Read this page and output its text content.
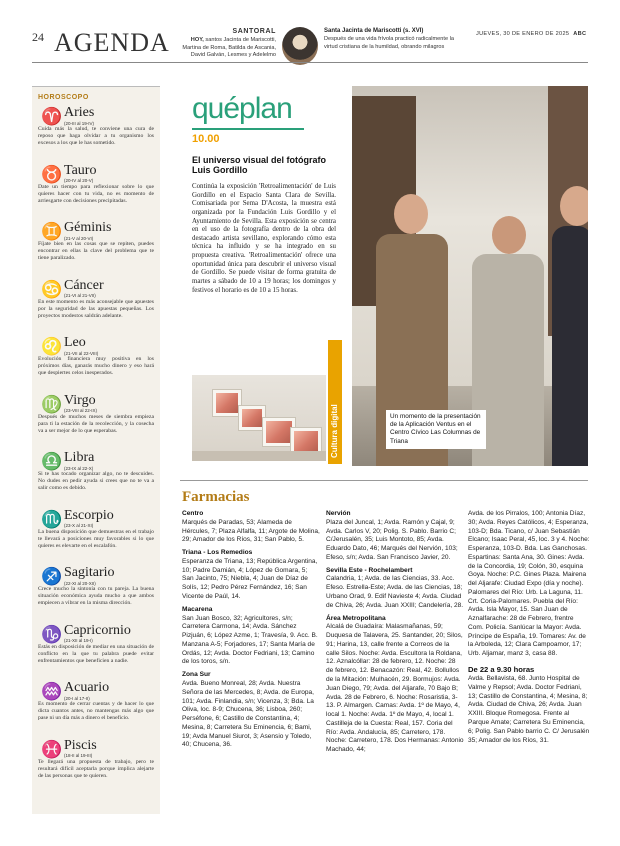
24 AGENDA	SANTORAL

HOY, santos Jacinta de Mariscotti, Martina de Roma, Batilda de Ascania, David Galván, Lesmes y Adelelmo

Santa Jacinta de Mariscotti (s. XVI)

Después de una vida frívola practicó radicalmente la virtud cristiana de la humildad, obrando milagros

JUEVES, 30 DE ENERO DE 2025 ABC
HOROSCOPO
♈ Aries
(20-III al 19-IV)
Cuida más la salud, te conviene una cura de reposo que haga olvidar a tu organismo los excesos a los que le has sometido.
♉ Tauro
(20-IV al 20-V)
Date un tiempo para reflexionar sobre lo que quieres hacer con tu vida, no es momento de arriesgarte con decisiones precipitadas.
♊ Géminis
(21-V al 20-VI)
Fíjate bien en las cosas que se repiten, puedes encontrar en ellas la clave del problema que te tiene paralizado.
♋ Cáncer
(21-VI al 21-VII)
En este momento es más aconsejable que apuestes por la seguridad de las apuestas pequeñas. Los proyectos modestos saldrán adelante.
♌ Leo
(21-VII al 22-VIII)
Evolución financiera muy positiva en los próximos días, ganarás mucho dinero y eso hará que despiertes celos inesperados.
♍ Virgo
(23-VIII al 22-IX)
Después de muchos meses de siembra empieza para ti la estación de la recolección, y la cosecha va a ser mejor de lo que esperabas.
♎ Libra
(23-IX al 22-X)
Si te has tocado organizar algo, no te descuides. No dudes en pedir ayuda si crees que no te va a salir como es debido.
♏ Escorpio
(23-X al 21-XI)
La buena disposición que demuestras en el trabajo te llevará a posiciones muy favorables si lo que quieres es elevarte en el escalafón.
♐ Sagitario
(22-XI al 20-XII)
Crece mucho la sintonía con tu pareja. La buena situación económica ayuda mucho a que ambos empiecen a vibrar en la misma dirección.
♑ Capricornio
(21-XII al 19-I)
Estás en disposición de mediar en una situación de conflicto en la que tu palabra puede evitar enfrentamientos que beneficien a nadie.
♒ Acuario
(20-I al 17-II)
Es momento de cerrar cuentas y de hacer lo que dicta cuantos antes, no mantengas más algo que pase ni un día más a dinero el beneficio.
♓ Piscis
(18-II al 19-III)
Te llegará una propuesta de trabajo, pero te resultará difícil aceptarla porque implica alejarte de las personas que te quieren.
quéplan
10.00
El universo visual del fotógrafo Luis Gordillo
Continúa la exposición 'Retroalimentación' de Luis Gordillo en el Espacio Santa Clara de Sevilla. Comisariada por Sema D'Acosta, la muestra está organizada por la Fundación Luis Gordillo y el Ayuntamiento de Sevilla. Esta exposición se centra en el uso de la fotografía dentro de la obra del destacado artista sevillano, explorando cómo esta técnica ha influido y se ha integrado en su propuesta creativa. 'Retroalimentación' ofrece una oportunidad única para descubrir el universo visual de Gordillo. Se puede visitar de forma gratuita de martes a sábado de 10 a 19 horas; los domingos y festivos el horario es de 10 a 15 horas.
Cultura digital	Un momento de la presentación de la Aplicación Ventus en el Centro Cívico Las Columnas de Triana
Farmacias
Centro
Marqués de Paradas, 53; Alameda de Hércules, 7; Plaza Alfalfa, 11; Argote de Molina, 29; Amador de los Ríos, 31; San Pablo, 5.
Triana - Los Remedios
Esperanza de Triana, 13; República Argentina, 10; Padre Damián, 4; López de Gomara, 5; San Jacinto, 75; Niebla, 4; Juan de Díaz de Solís, 12; Pedro Pérez Fernández, 16; San Vicente de Paúl, 14.
Macarena
San Juan Bosco, 32; Agricultores, s/n; Carretera Carmona, 14; Avda. Sánchez Pizjuán, 6; López Azme, 1; Travesía, 9. Acc. B. Manzana A-5; Forjadores, 17; Santa María de Ordás, 12; Avda. Doctor Fedriani, 13; Camino de los toros, s/n.
Zona Sur
Avda. Bueno Monreal, 28; Avda. Nuestra Señora de las Mercedes, 8; Avda. de Europa, 101; Avda. Finlandia, s/n; Vicenza, 3; Bda. La Oliva, loc. 8-9; Chucena, 36; Lisboa, 260; Perséfone, 6; Castillo de Constantina, 4; Mesina, 8; Carretera Su Eminencia, 6; Bami, 19; Avda Manuel Siurot, 3; Asensio y Toledo, 40; Chucena, 36.
Nervión
Plaza del Juncal, 1; Avda. Ramón y Cajal, 9; Avda. Carlos V, 20; Polig. S. Pablo. Barrio C; C/Jerusalén, 35; Luis Montoto, 85; Avda. Eduardo Dato, 46; Marqués del Nervión, 103; Efeso, s/n; Avda. San Francisco Javier, 20.
Sevilla Este - Rochelambert
Calandria, 1; Avda. de las Ciencias, 33. Acc. Efeso. Estrella-Este; Avda. de las Ciencias, 18; Urbano Orad, 9. Edif Navieste 4; Avda. Ciudad de Chiva, 26; Avda. Juan XXIII; Candelería, 28.
Área Metropolitana
Alcalá de Guadaíra: Malasmañanas, 59; Duquesa de Talavera, 25. Santander, 20; Silos, 91; Harina, 13, calle frente a Correos de la calle Silos. Noche: Avda. Escultora la Roldana, 12. Aznalcóllar: 28 de febrero, 12. Noche: 28 de febrero, 12. Benacazón: Real, 42. Bollullos de la Mitación: Mulhacén, 29. Bormujos: Avda. Juan Diego, 79; Avda. del Aljarafe, 70 Bajo B; Avda. 28 de Febrero, 6. Noche: Rosaristia, 3-13. P. Almargen. Camas: Avda. 1º de Mayo, 4, local 1. Noche: Avda. 1º de Mayo, 4, local 1. Castilleja de la Cuesta: Real, 157. Coria del Río: Avda. Andalucía, 85; Carretero, 178. Noche: Carretero, 178. Dos Hermanas: Antonio Machado, 44;
Avda. de los Pirralos, 100; Antonia Díaz, 30; Avda. Reyes Católicos, 4; Esperanza, 103-D; Bda. Ticano, c/ Juan Sebastián Elcano; Isaac Peral, 45, loc. 3 y 4. Noche: Esperanza, 103-D. Bda. Las Ganchosas. Espartinas: Santa Ana, 30. Gines: Avda. de la Concordia, 19; Colón, 30, esquina Goya. Noche: P.C. Gines Plaza. Mairena del Aljarafe: Ciudad Expo (día y noche). Palomares del Río: Urb. La Laguna, 11. Crt. Coria-Palomares. Puebla del Río: Avda. Isla Mayor, 15. San Juan de Aznalfarache: 28 de Febrero, frentre Com. Policía. Sanlúcar la Mayor: Avda. Príncipe de España, 19. Tomares: Av. de la Arboleda, 12; Clara Campoamor, 17; Urb. Aljamar, manz 3, casa 88.
De 22 a 9.30 horas
Avda. Bellavista, 68. Junto Hospital de Valme y Repsol; Avda. Doctor Fedriani, 13; Castillo de Constantina, 4; Mesina, 8; Avda. Ciudad de Chiva, 26; Avda. Juan XXIII. Bloque Romegosa. Frente al Parque Amate; Carretera Su Eminencia, 6; Polig. San Pablo barrio C. C/ Jerusalén 35; Amador de los Ríos, 31.
